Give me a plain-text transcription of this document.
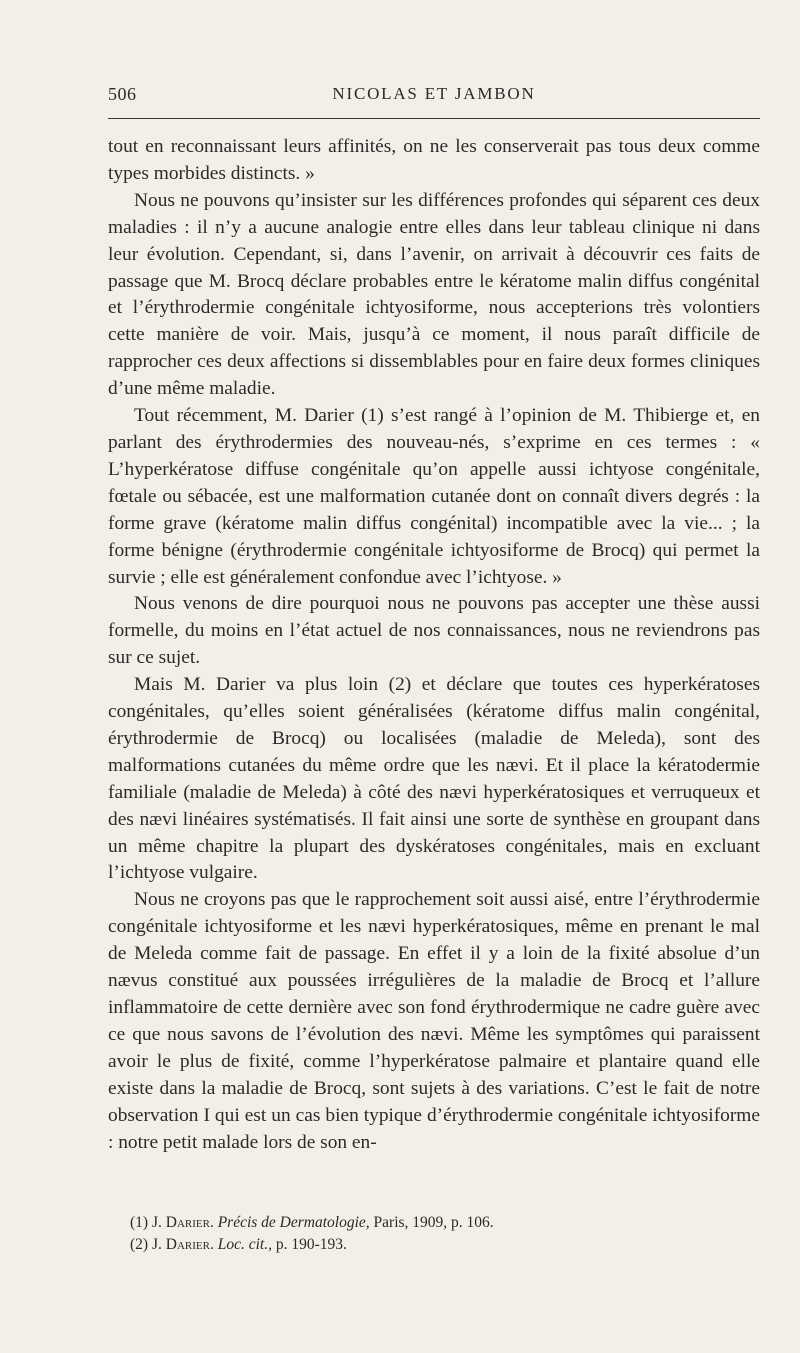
506	NICOLAS ET JAMBON

tout en reconnaissant leurs affinités, on ne les conserverait pas tous deux comme types morbides distincts. »

Nous ne pouvons qu’insister sur les différences profondes qui séparent ces deux maladies : il n’y a aucune analogie entre elles dans leur tableau clinique ni dans leur évolution. Cependant, si, dans l’avenir, on arrivait à découvrir ces faits de passage que M. Brocq déclare probables entre le kératome malin diffus congénital et l’érythrodermie congénitale ichtyosiforme, nous accepterions très volontiers cette manière de voir. Mais, jusqu’à ce moment, il nous paraît difficile de rapprocher ces deux affections si dissemblables pour en faire deux formes cliniques d’une même maladie.

Tout récemment, M. Darier (1) s’est rangé à l’opinion de M. Thibierge et, en parlant des érythrodermies des nouveau-nés, s’exprime en ces termes : « L’hyperkératose diffuse congénitale qu’on appelle aussi ichtyose congénitale, fœtale ou sébacée, est une malformation cutanée dont on connaît divers degrés : la forme grave (kératome malin diffus congénital) incompatible avec la vie... ; la forme bénigne (érythrodermie congénitale ichtyosiforme de Brocq) qui permet la survie ; elle est généralement confondue avec l’ichtyose. »

Nous venons de dire pourquoi nous ne pouvons pas accepter une thèse aussi formelle, du moins en l’état actuel de nos connaissances, nous ne reviendrons pas sur ce sujet.

Mais M. Darier va plus loin (2) et déclare que toutes ces hyperkératoses congénitales, qu’elles soient généralisées (kératome diffus malin congénital, érythrodermie de Brocq) ou localisées (maladie de Meleda), sont des malformations cutanées du même ordre que les nævi. Et il place la kératodermie familiale (maladie de Meleda) à côté des nævi hyperkératosiques et verruqueux et des nævi linéaires systématisés. Il fait ainsi une sorte de synthèse en groupant dans un même chapitre la plupart des dyskératoses congénitales, mais en excluant l’ichtyose vulgaire.

Nous ne croyons pas que le rapprochement soit aussi aisé, entre l’érythrodermie congénitale ichtyosiforme et les nævi hyperkératosiques, même en prenant le mal de Meleda comme fait de passage. En effet il y a loin de la fixité absolue d’un nævus constitué aux poussées irrégulières de la maladie de Brocq et l’allure inflammatoire de cette dernière avec son fond érythrodermique ne cadre guère avec ce que nous savons de l’évolution des nævi. Même les symptômes qui paraissent avoir le plus de fixité, comme l’hyperkératose palmaire et plantaire quand elle existe dans la maladie de Brocq, sont sujets à des variations. C’est le fait de notre observation I qui est un cas bien typique d’érythrodermie congénitale ichtyosiforme : notre petit malade lors de son en-

(1) J. Darier. Précis de Dermatologie, Paris, 1909, p. 106.

(2) J. Darier. Loc. cit., p. 190-193.
